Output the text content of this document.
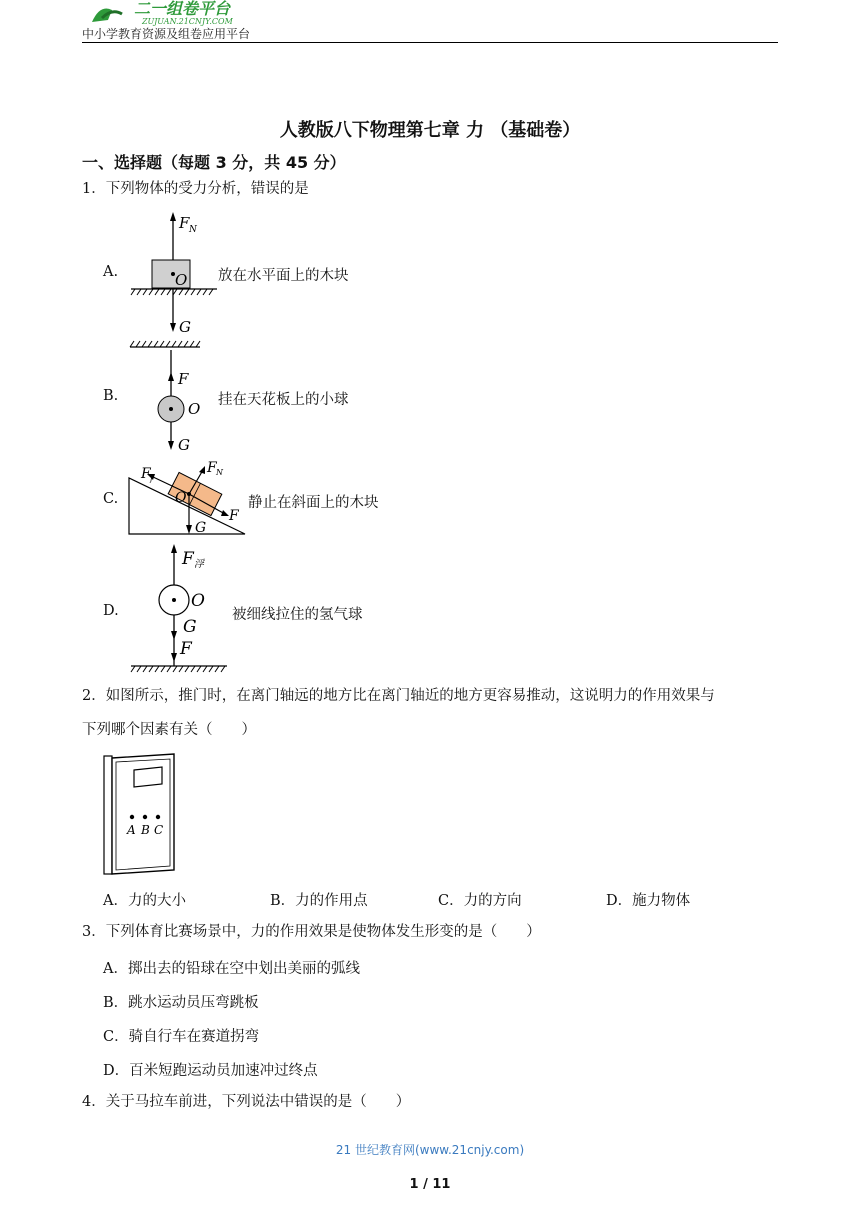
二一组卷平台
ZUJUAN.21CNJY.COM
中小学教育资源及组卷应用平台
人教版八下物理第七章 力 （基础卷）
一、选择题（每题 3 分，共 45 分）
1．下列物体的受力分析，错误的是
A.	O
F N
G
放在水平面上的木块
B.
O
F
G
挂在天花板上的小球
C.
F f
F N
O
F
G
静止在斜面上的木块
D.
F 浮
O
G
F
被细线拉住的氢气球
2．如图所示，推门时，在离门轴远的地方比在离门轴近的地方更容易推动，这说明力的作用效果与
下列哪个因素有关（　　）
A B C
A．力的大小	B．力的作用点	C．力的方向	D．施力物体
3．下列体育比赛场景中，力的作用效果是使物体发生形变的是（　　）
A．掷出去的铅球在空中划出美丽的弧线
B．跳水运动员压弯跳板
C．骑自行车在赛道拐弯
D．百米短跑运动员加速冲过终点
4．关于马拉车前进，下列说法中错误的是（　　）
21 世纪教育网(www.21cnjy.com)
1 / 11
